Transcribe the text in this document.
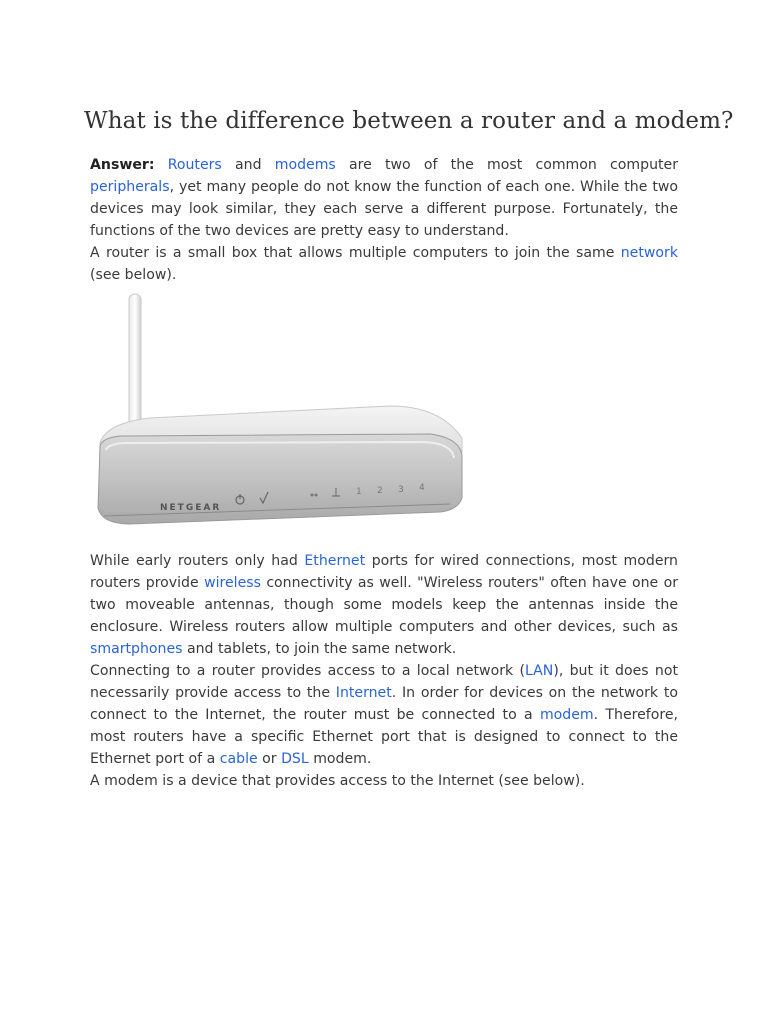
What is the difference between a router and a modem?

Answer: Routers and modems are two of the most common computer peripherals, yet many people do not know the function of each one. While the two devices may look similar, they each serve a different purpose. Fortunately, the functions of the two devices are pretty easy to understand.
A router is a small box that allows multiple computers to join the same network (see below).

NETGEAR
1 2 3 4

While early routers only had Ethernet ports for wired connections, most modern routers provide wireless connectivity as well. "Wireless routers" often have one or two moveable antennas, though some models keep the antennas inside the enclosure. Wireless routers allow multiple computers and other devices, such as smartphones and tablets, to join the same network.

Connecting to a router provides access to a local network (LAN), but it does not necessarily provide access to the Internet. In order for devices on the network to connect to the Internet, the router must be connected to a modem. Therefore, most routers have a specific Ethernet port that is designed to connect to the Ethernet port of a cable or DSL modem.

A modem is a device that provides access to the Internet (see below).
